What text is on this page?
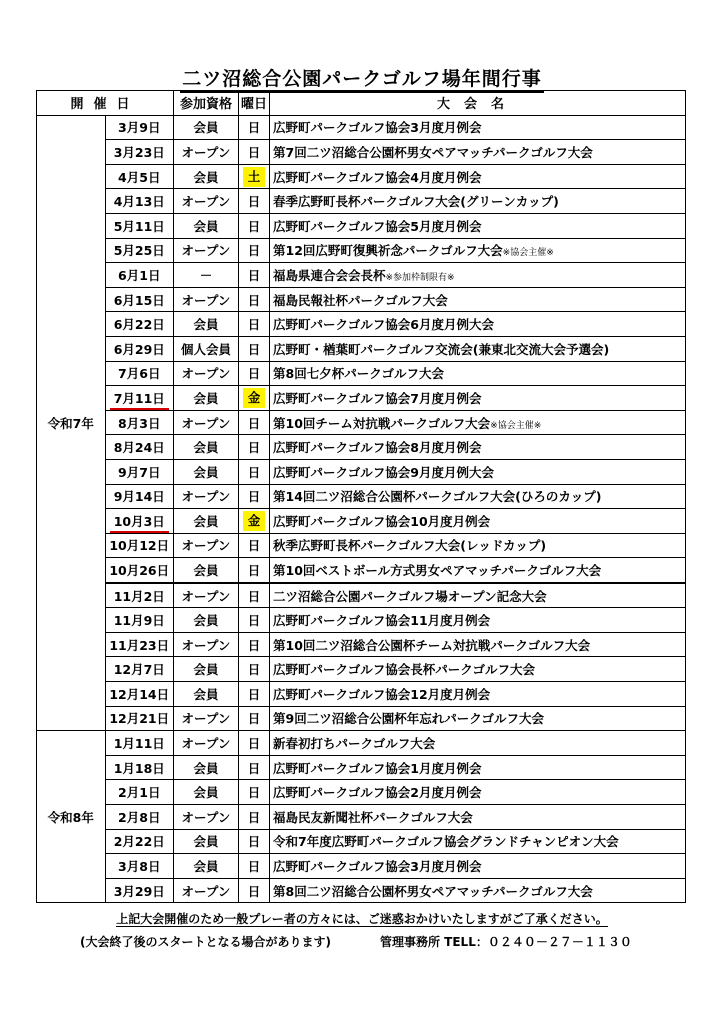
二ツ沼総合公園パークゴルフ場年間行事
開催日		参加資格	曜日	大会名
令和7年	3月9日	会員	日	広野町パークゴルフ協会3月度月例会
	3月23日	オープン	日	第7回二ツ沼総合公園杯男女ペアマッチパークゴルフ大会
	4月5日	会員	土	広野町パークゴルフ協会4月度月例会
	4月13日	オープン	日	春季広野町長杯パークゴルフ大会(グリーンカップ)
	5月11日	会員	日	広野町パークゴルフ協会5月度月例会
	5月25日	オープン	日	第12回広野町復興祈念パークゴルフ大会※協会主催※
	6月1日	－	日	福島県連合会会長杯※参加枠制限有※
	6月15日	オープン	日	福島民報社杯パークゴルフ大会
	6月22日	会員	日	広野町パークゴルフ協会6月度月例大会
	6月29日	個人会員	日	広野町・楢葉町パークゴルフ交流会(兼東北交流大会予選会)
	7月6日	オープン	日	第8回七夕杯パークゴルフ大会
	7月11日	会員	金	広野町パークゴルフ協会7月度月例会
	8月3日	オープン	日	第10回チーム対抗戦パークゴルフ大会※協会主催※
	8月24日	会員	日	広野町パークゴルフ協会8月度月例会
	9月7日	会員	日	広野町パークゴルフ協会9月度月例大会
	9月14日	オープン	日	第14回二ツ沼総合公園杯パークゴルフ大会(ひろのカップ)
	10月3日	会員	金	広野町パークゴルフ協会10月度月例会
	10月12日	オープン	日	秋季広野町長杯パークゴルフ大会(レッドカップ)
	10月26日	会員	日	第10回ベストボール方式男女ペアマッチパークゴルフ大会
	11月2日	オープン	日	二ツ沼総合公園パークゴルフ場オープン記念大会
	11月9日	会員	日	広野町パークゴルフ協会11月度月例会
	11月23日	オープン	日	第10回二ツ沼総合公園杯チーム対抗戦パークゴルフ大会
	12月7日	会員	日	広野町パークゴルフ協会長杯パークゴルフ大会
	12月14日	会員	日	広野町パークゴルフ協会12月度月例会
	12月21日	オープン	日	第9回二ツ沼総合公園杯年忘れパークゴルフ大会
令和8年	1月11日	オープン	日	新春初打ちパークゴルフ大会
	1月18日	会員	日	広野町パークゴルフ協会1月度月例会
	2月1日	会員	日	広野町パークゴルフ協会2月度月例会
	2月8日	オープン	日	福島民友新聞社杯パークゴルフ大会
	2月22日	会員	日	令和7年度広野町パークゴルフ協会グランドチャンピオン大会
	3月8日	会員	日	広野町パークゴルフ協会3月度月例会
	3月29日	オープン	日	第8回二ツ沼総合公園杯男女ペアマッチパークゴルフ大会
上記大会開催のため一般プレー者の方々には、ご迷惑おかけいたしますがご了承ください。
(大会終了後のスタートとなる場合があります)	管理事務所 TELL：０２４０－２７－１１３０
